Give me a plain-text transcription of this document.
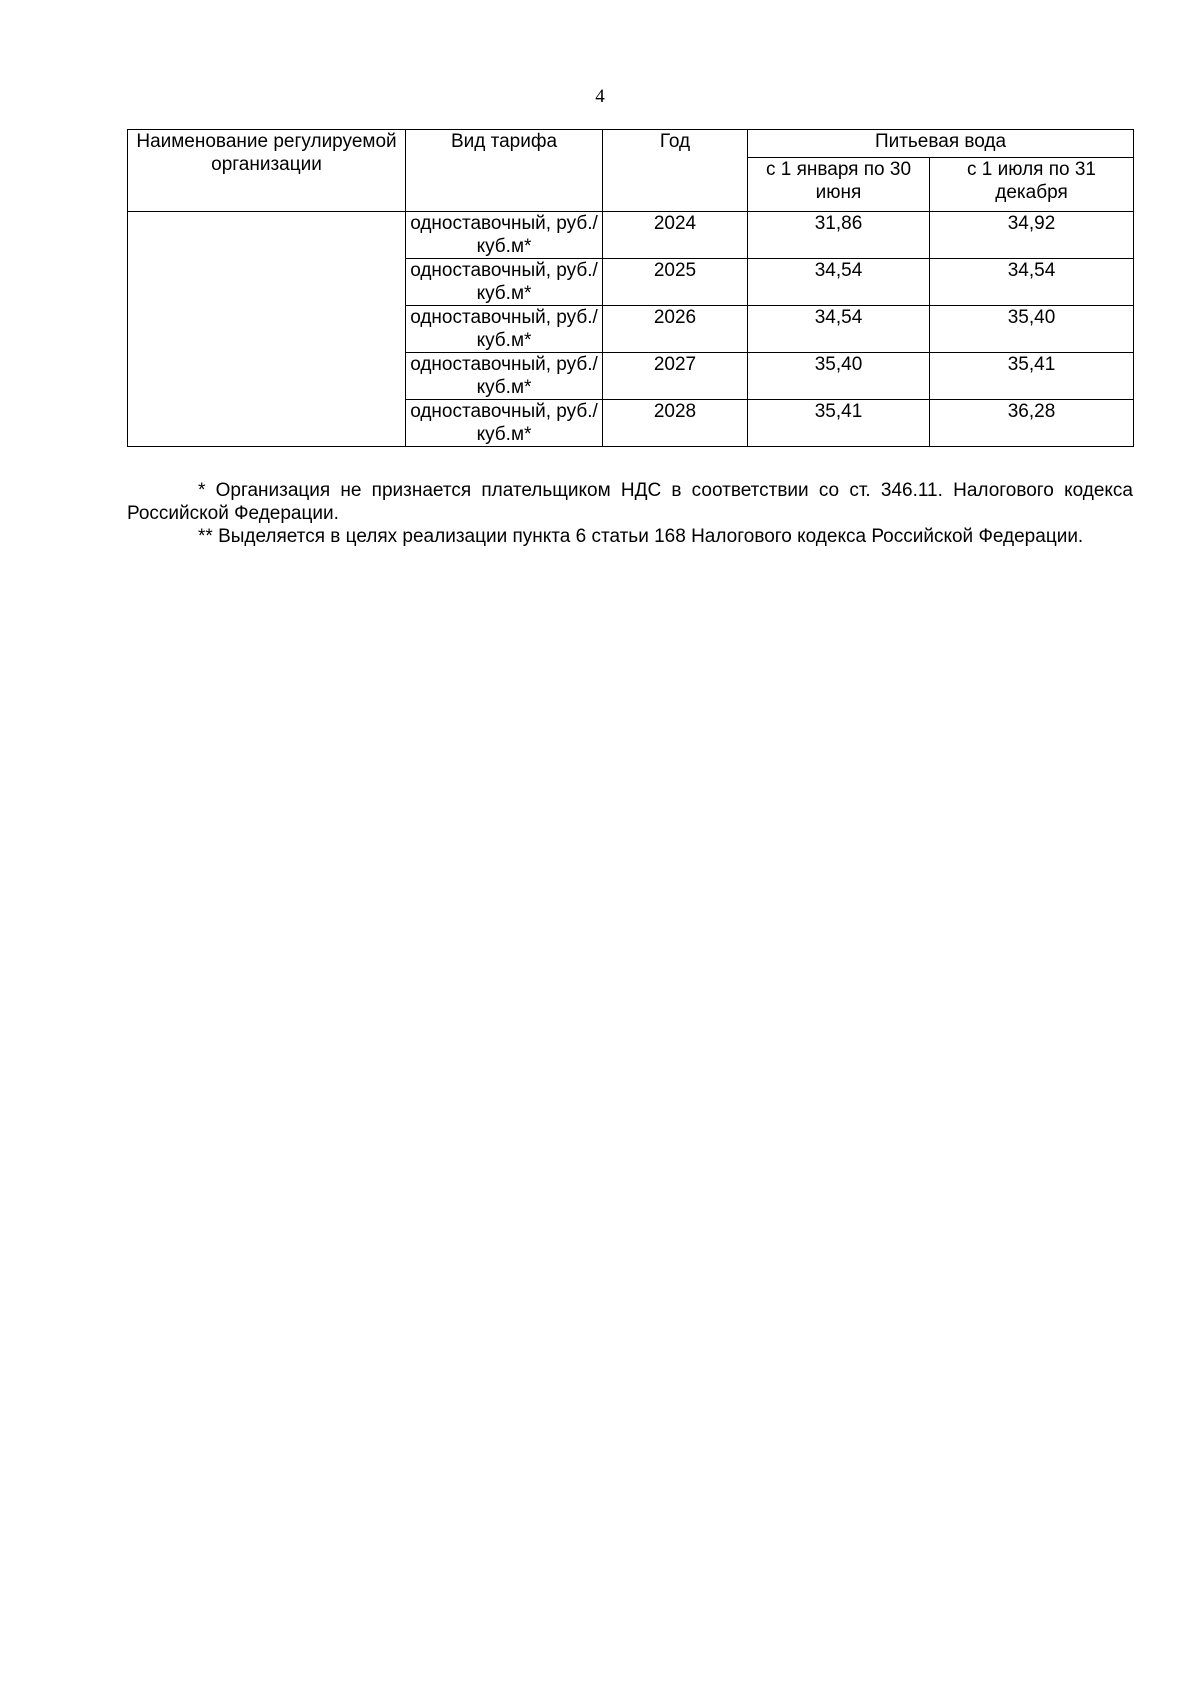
4
Наименование регулируемой организации	Вид тарифа	Год	Питьевая вода	
			с 1 января по 30 июня	с 1 июля по 31 декабря
	одноставочный, руб./куб.м*	2024	31,86	34,92
	одноставочный, руб./куб.м*	2025	34,54	34,54
	одноставочный, руб./куб.м*	2026	34,54	35,40
	одноставочный, руб./куб.м*	2027	35,40	35,41
	одноставочный, руб./куб.м*	2028	35,41	36,28

* Организация не признается плательщиком НДС в соответствии со ст. 346.11. Налогового кодекса Российской Федерации.

** Выделяется в целях реализации пункта 6 статьи 168 Налогового кодекса Российской Федерации.
